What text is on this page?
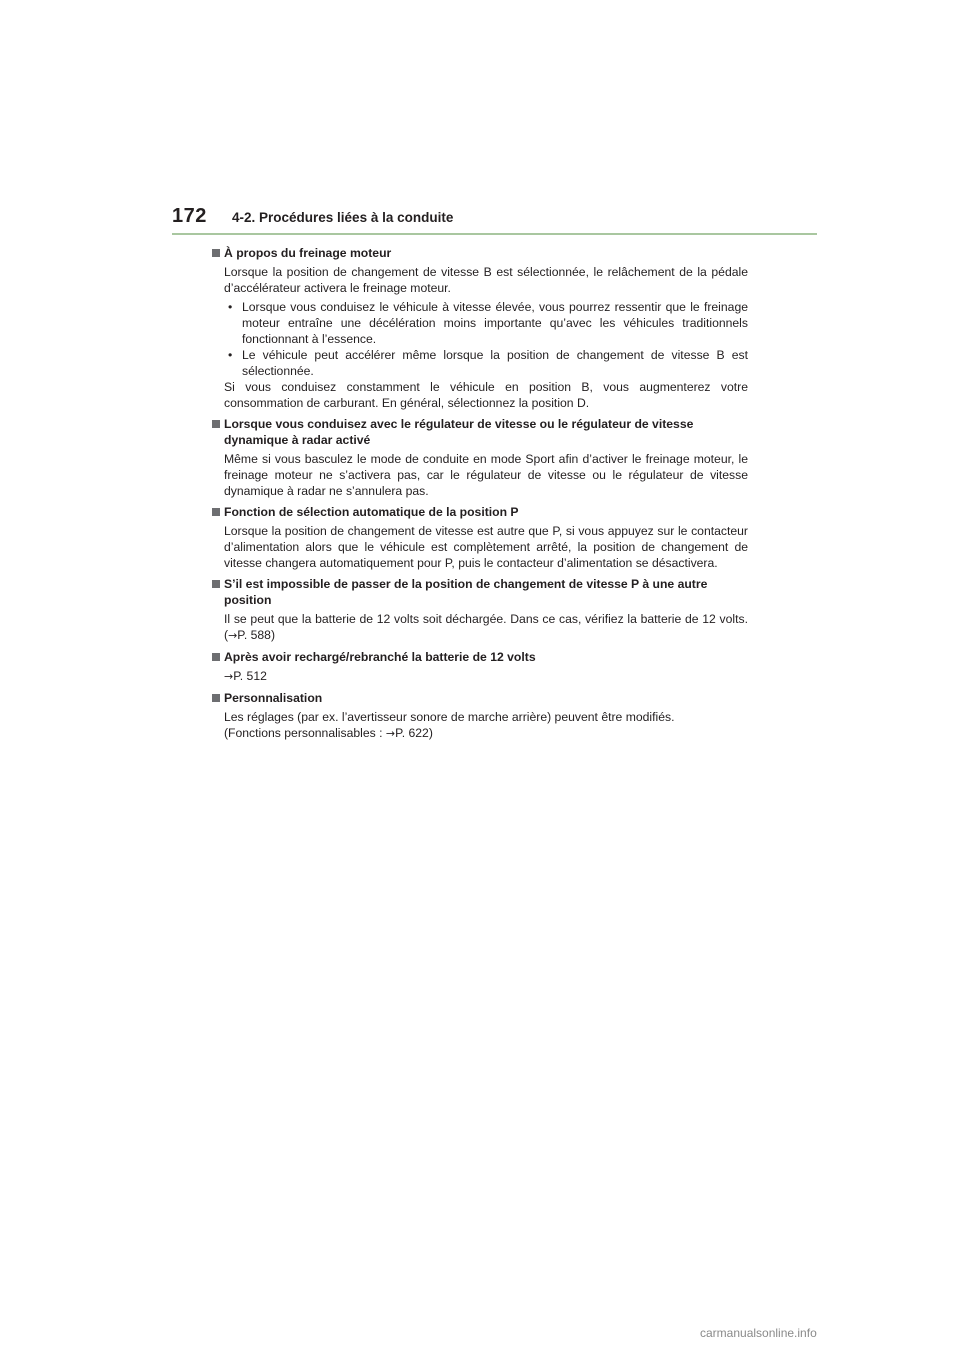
172 4-2. Procédures liées à la conduite
À propos du freinage moteur
Lorsque la position de changement de vitesse B est sélectionnée, le relâchement de la pédale d’accélérateur activera le freinage moteur.
• Lorsque vous conduisez le véhicule à vitesse élevée, vous pourrez ressentir que le freinage moteur entraîne une décélération moins importante qu’avec les véhicules traditionnels fonctionnant à l’essence.
• Le véhicule peut accélérer même lorsque la position de changement de vitesse B est sélectionnée.
Si vous conduisez constamment le véhicule en position B, vous augmenterez votre consommation de carburant. En général, sélectionnez la position D.
Lorsque vous conduisez avec le régulateur de vitesse ou le régulateur de vitesse dynamique à radar activé
Même si vous basculez le mode de conduite en mode Sport afin d’activer le freinage moteur, le freinage moteur ne s’activera pas, car le régulateur de vitesse ou le régulateur de vitesse dynamique à radar ne s’annulera pas.
Fonction de sélection automatique de la position P
Lorsque la position de changement de vitesse est autre que P, si vous appuyez sur le contacteur d’alimentation alors que le véhicule est complètement arrêté, la position de changement de vitesse changera automatiquement pour P, puis le contacteur d’alimentation se désactivera.
S’il est impossible de passer de la position de changement de vitesse P à une autre position
Il se peut que la batterie de 12 volts soit déchargée. Dans ce cas, vérifiez la batterie de 12 volts. (→P. 588)
Après avoir rechargé/rebranché la batterie de 12 volts
→P. 512
Personnalisation
Les réglages (par ex. l’avertisseur sonore de marche arrière) peuvent être modifiés.
(Fonctions personnalisables : →P. 622)
carmanualsonline.info
